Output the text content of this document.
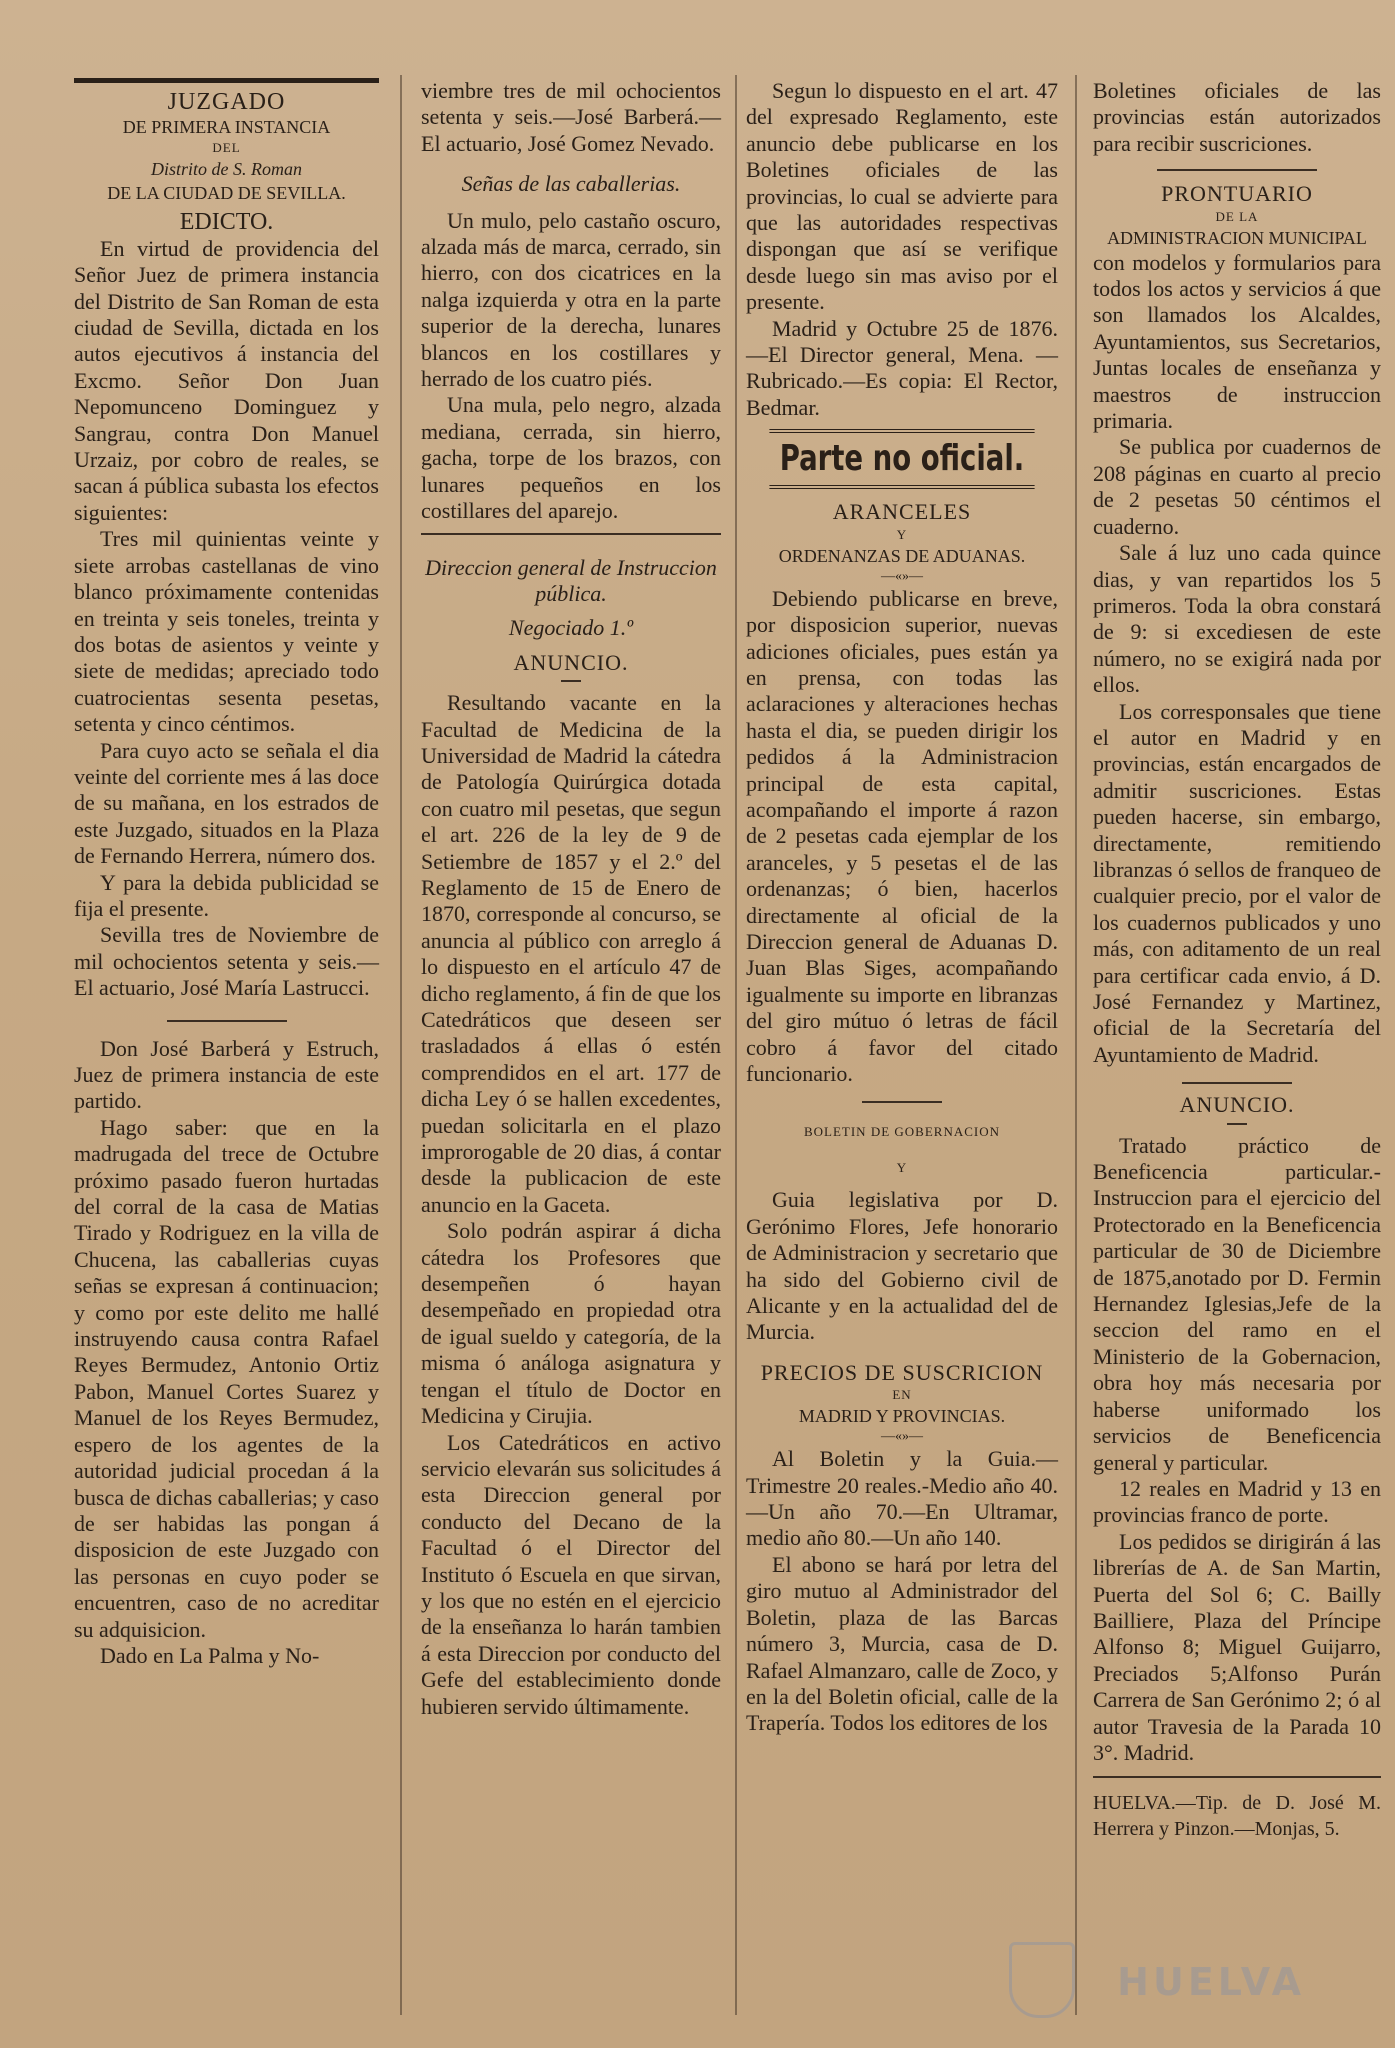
JUZGADO
DE PRIMERA INSTANCIA
DEL
Distrito de S. Roman
DE LA CIUDAD DE SEVILLA.
EDICTO.

En virtud de providencia del Señor Juez de primera instancia del Distrito de San Roman de esta ciudad de Sevilla, dictada en los autos ejecutivos á instancia del Excmo. Señor Don Juan Nepomunceno Dominguez y Sangrau, contra Don Manuel Urzaiz, por cobro de reales, se sacan á pública subasta los efectos siguientes:

Tres mil quinientas veinte y siete arrobas castellanas de vino blanco próximamente contenidas en treinta y seis toneles, treinta y dos botas de asientos y veinte y siete de medidas; apreciado todo cuatrocientas sesenta pesetas, setenta y cinco céntimos.

Para cuyo acto se señala el dia veinte del corriente mes á las doce de su mañana, en los estrados de este Juzgado, situados en la Plaza de Fernando Herrera, número dos.

Y para la debida publicidad se fija el presente.

Sevilla tres de Noviembre de mil ochocientos setenta y seis.—El actuario, José María Lastrucci.

Don José Barberá y Estruch, Juez de primera instancia de este partido.

Hago saber: que en la madrugada del trece de Octubre próximo pasado fueron hurtadas del corral de la casa de Matias Tirado y Rodriguez en la villa de Chucena, las caballerias cuyas señas se expresan á continuacion; y como por este delito me hallé instruyendo causa contra Rafael Reyes Bermudez, Antonio Ortiz Pabon, Manuel Cortes Suarez y Manuel de los Reyes Bermudez, espero de los agentes de la autoridad judicial procedan á la busca de dichas caballerias; y caso de ser habidas las pongan á disposicion de este Juzgado con las personas en cuyo poder se encuentren, caso de no acreditar su adquisicion.

Dado en La Palma y No-

viembre tres de mil ochocientos setenta y seis.—José Barberá.—El actuario, José Gomez Nevado.

Señas de las caballerias.

Un mulo, pelo castaño oscuro, alzada más de marca, cerrado, sin hierro, con dos cicatrices en la nalga izquierda y otra en la parte superior de la derecha, lunares blancos en los costillares y herrado de los cuatro piés.

Una mula, pelo negro, alzada mediana, cerrada, sin hierro, gacha, torpe de los brazos, con lunares pequeños en los costillares del aparejo.

Direccion general de Instruccion pública.
Negociado 1.º
ANUNCIO.

Resultando vacante en la Facultad de Medicina de la Universidad de Madrid la cátedra de Patología Quirúrgica dotada con cuatro mil pesetas, que segun el art. 226 de la ley de 9 de Setiembre de 1857 y el 2.º del Reglamento de 15 de Enero de 1870, corresponde al concurso, se anuncia al público con arreglo á lo dispuesto en el artículo 47 de dicho reglamento, á fin de que los Catedráticos que deseen ser trasladados á ellas ó estén comprendidos en el art. 177 de dicha Ley ó se hallen excedentes, puedan solicitarla en el plazo improrogable de 20 dias, á contar desde la publicacion de este anuncio en la Gaceta.

Solo podrán aspirar á dicha cátedra los Profesores que desempeñen ó hayan desempeñado en propiedad otra de igual sueldo y categoría, de la misma ó análoga asignatura y tengan el título de Doctor en Medicina y Cirujia.

Los Catedráticos en activo servicio elevarán sus solicitudes á esta Direccion general por conducto del Decano de la Facultad ó el Director del Instituto ó Escuela en que sirvan, y los que no estén en el ejercicio de la enseñanza lo harán tambien á esta Direccion por conducto del Gefe del establecimiento donde hubieren servido últimamente.

Segun lo dispuesto en el art. 47 del expresado Reglamento, este anuncio debe publicarse en los Boletines oficiales de las provincias, lo cual se advierte para que las autoridades respectivas dispongan que así se verifique desde luego sin mas aviso por el presente.

Madrid y Octubre 25 de 1876. —El Director general, Mena. —Rubricado.—Es copia: El Rector, Bedmar.

Parte no oficial.
ARANCELES
Y
ORDENANZAS DE ADUANAS.
—«»—

Debiendo publicarse en breve, por disposicion superior, nuevas adiciones oficiales, pues están ya en prensa, con todas las aclaraciones y alteraciones hechas hasta el dia, se pueden dirigir los pedidos á la Administracion principal de esta capital, acompañando el importe á razon de 2 pesetas cada ejemplar de los aranceles, y 5 pesetas el de las ordenanzas; ó bien, hacerlos directamente al oficial de la Direccion general de Aduanas D. Juan Blas Siges, acompañando igualmente su importe en libranzas del giro mútuo ó letras de fácil cobro á favor del citado funcionario.

BOLETIN DE GOBERNACION
Y

Guia legislativa por D. Gerónimo Flores, Jefe honorario de Administracion y secretario que ha sido del Gobierno civil de Alicante y en la actualidad del de Murcia.

PRECIOS DE SUSCRICION
EN
MADRID Y PROVINCIAS.
—«»—

Al Boletin y la Guia.—Trimestre 20 reales.-Medio año 40.—Un año 70.—En Ultramar, medio año 80.—Un año 140.

El abono se hará por letra del giro mutuo al Administrador del Boletin, plaza de las Barcas número 3, Murcia, casa de D. Rafael Almanzaro, calle de Zoco, y en la del Boletin oficial, calle de la Trapería. Todos los editores de los

Boletines oficiales de las provincias están autorizados para recibir suscriciones.

PRONTUARIO
DE LA
ADMINISTRACION MUNICIPAL

con modelos y formularios para todos los actos y servicios á que son llamados los Alcaldes, Ayuntamientos, sus Secretarios, Juntas locales de enseñanza y maestros de instruccion primaria.

Se publica por cuadernos de 208 páginas en cuarto al precio de 2 pesetas 50 céntimos el cuaderno.

Sale á luz uno cada quince dias, y van repartidos los 5 primeros. Toda la obra constará de 9: si excediesen de este número, no se exigirá nada por ellos.

Los corresponsales que tiene el autor en Madrid y en provincias, están encargados de admitir suscriciones. Estas pueden hacerse, sin embargo, directamente, remitiendo libranzas ó sellos de franqueo de cualquier precio, por el valor de los cuadernos publicados y uno más, con aditamento de un real para certificar cada envio, á D. José Fernandez y Martinez, oficial de la Secretaría del Ayuntamiento de Madrid.

ANUNCIO.

Tratado práctico de Beneficencia particular.-Instruccion para el ejercicio del Protectorado en la Beneficencia particular de 30 de Diciembre de 1875,anotado por D. Fermin Hernandez Iglesias,Jefe de la seccion del ramo en el Ministerio de la Gobernacion, obra hoy más necesaria por haberse uniformado los servicios de Beneficencia general y particular.

12 reales en Madrid y 13 en provincias franco de porte.

Los pedidos se dirigirán á las librerías de A. de San Martin, Puerta del Sol 6; C. Bailly Bailliere, Plaza del Príncipe Alfonso 8; Miguel Guijarro, Preciados 5;Alfonso Purán Carrera de San Gerónimo 2; ó al autor Travesia de la Parada 10 3°. Madrid.

HUELVA.—Tip. de D. José M. Herrera y Pinzon.—Monjas, 5.

HUELVA
